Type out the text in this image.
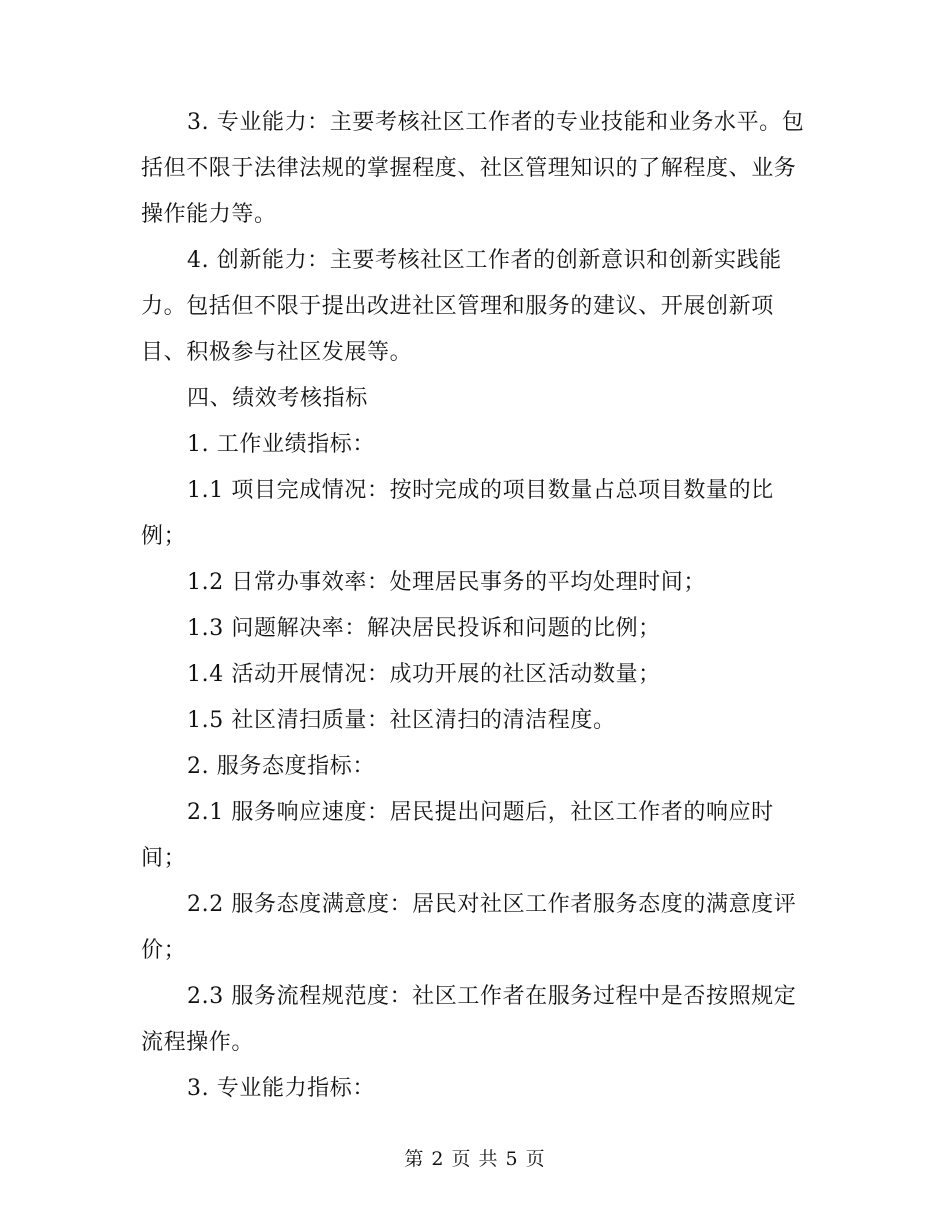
3. 专业能力：主要考核社区工作者的专业技能和业务水平。包括但不限于法律法规的掌握程度、社区管理知识的了解程度、业务操作能力等。

4. 创新能力：主要考核社区工作者的创新意识和创新实践能力。包括但不限于提出改进社区管理和服务的建议、开展创新项目、积极参与社区发展等。

四、绩效考核指标

1. 工作业绩指标：

1.1 项目完成情况：按时完成的项目数量占总项目数量的比例；

1.2 日常办事效率：处理居民事务的平均处理时间；

1.3 问题解决率：解决居民投诉和问题的比例；

1.4 活动开展情况：成功开展的社区活动数量；

1.5 社区清扫质量：社区清扫的清洁程度。

2. 服务态度指标：

2.1 服务响应速度：居民提出问题后，社区工作者的响应时间；

2.2 服务态度满意度：居民对社区工作者服务态度的满意度评价；

2.3 服务流程规范度：社区工作者在服务过程中是否按照规定流程操作。

3. 专业能力指标：

第 2 页 共 5 页
